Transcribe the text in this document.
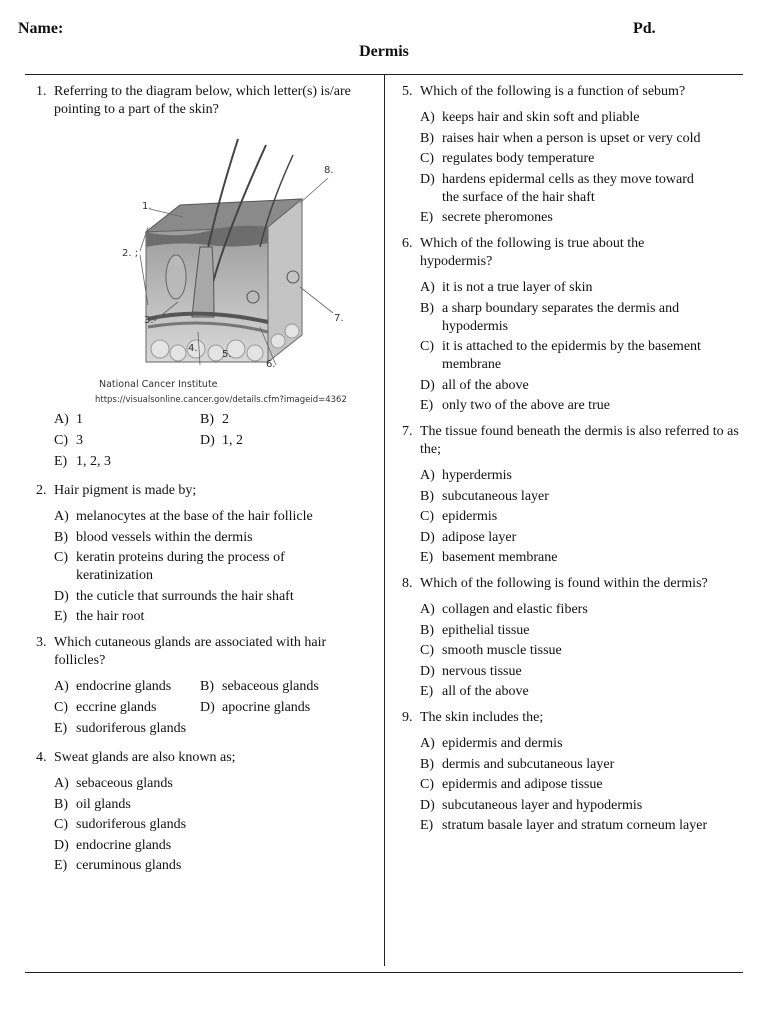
Name:	Pd.
Dermis
1. Referring to the diagram below, which letter(s) is/are pointing to a part of the skin?
1.
2. ;
3.
4.
5.
6.
7.
8.
National Cancer Institute
https://visualsonline.cancer.gov/details.cfm?imageid=4362
A) 1	B) 2
C) 3	D) 1, 2
E) 1, 2, 3
2. Hair pigment is made by;
A) melanocytes at the base of the hair follicle
B) blood vessels within the dermis
C) keratin proteins during the process of keratinization
D) the cuticle that surrounds the hair shaft
E) the hair root
3. Which cutaneous glands are associated with hair follicles?
A) endocrine glands B) sebaceous glands
C) eccrine glands	D) apocrine glands
E) sudoriferous glands
4. Sweat glands are also known as;
A) sebaceous glands
B) oil glands
C) sudoriferous glands
D) endocrine glands
E) ceruminous glands
5. Which of the following is a function of sebum?
A) keeps hair and skin soft and pliable
B) raises hair when a person is upset or very cold
C) regulates body temperature
D) hardens epidermal cells as they move toward the surface of the hair shaft
E) secrete pheromones
6. Which of the following is true about the hypodermis?
A) it is not a true layer of skin
B) a sharp boundary separates the dermis and hypodermis
C) it is attached to the epidermis by the basement membrane
D) all of the above
E) only two of the above are true
7. The tissue found beneath the dermis is also referred to as the;
A) hyperdermis
B) subcutaneous layer
C) epidermis
D) adipose layer
E) basement membrane
8. Which of the following is found within the dermis?
A) collagen and elastic fibers
B) epithelial tissue
C) smooth muscle tissue
D) nervous tissue
E) all of the above
9. The skin includes the;
A) epidermis and dermis
B) dermis and subcutaneous layer
C) epidermis and adipose tissue
D) subcutaneous layer and hypodermis
E) stratum basale layer and stratum corneum layer
